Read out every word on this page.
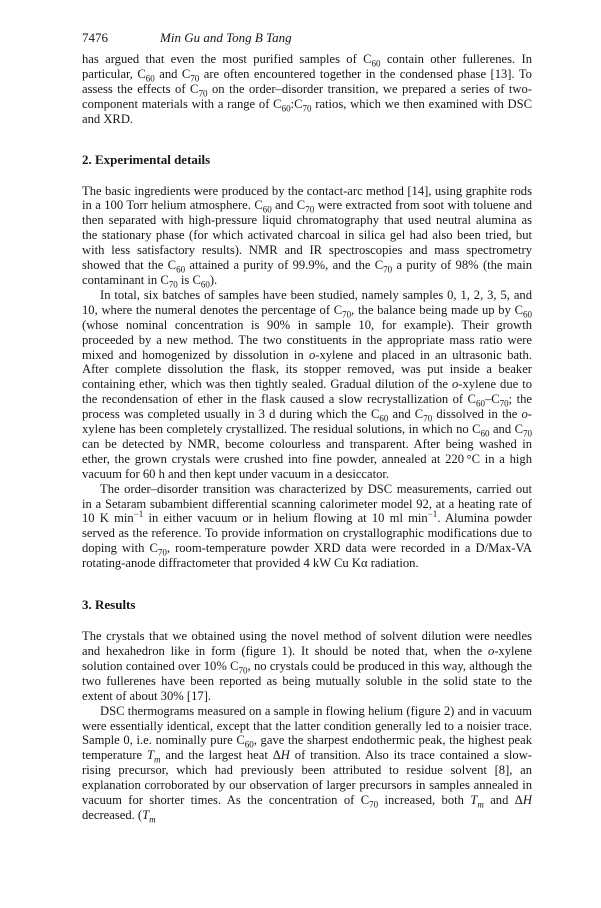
7476	Min Gu and Tong B Tang

has argued that even the most purified samples of $C_{60}$ contain other fullerenes. In particular, $C_{60}$ and $C_{70}$ are often encountered together in the condensed phase [13]. To assess the effects of $C_{70}$ on the order–disorder transition, we prepared a series of two-component materials with a range of $C_{60}:C_{70}$ ratios, which we then examined with DSC and XRD.

2. Experimental details

The basic ingredients were produced by the contact-arc method [14], using graphite rods in a 100 Torr helium atmosphere. $C_{60}$ and $C_{70}$ were extracted from soot with toluene and then separated with high-pressure liquid chromatography that used neutral alumina as the stationary phase (for which activated charcoal in silica gel had also been tried, but with less satisfactory results). NMR and IR spectroscopies and mass spectrometry showed that the $C_{60}$ attained a purity of 99.9%, and the $C_{70}$ a purity of 98% (the main contaminant in $C_{70}$ is $C_{60}$).

In total, six batches of samples have been studied, namely samples 0, 1, 2, 3, 5, and 10, where the numeral denotes the percentage of $C_{70}$, the balance being made up by $C_{60}$ (whose nominal concentration is 90% in sample 10, for example). Their growth proceeded by a new method. The two constituents in the appropriate mass ratio were mixed and homogenized by dissolution in o-xylene and placed in an ultrasonic bath. After complete dissolution the flask, its stopper removed, was put inside a beaker containing ether, which was then tightly sealed. Gradual dilution of the o-xylene due to the recondensation of ether in the flask caused a slow recrystallization of $C_{60}-C_{70}$; the process was completed usually in 3 d during which the $C_{60}$ and $C_{70}$ dissolved in the o-xylene has been completely crystallized. The residual solutions, in which no $C_{60}$ and $C_{70}$ can be detected by NMR, become colourless and transparent. After being washed in ether, the grown crystals were crushed into fine powder, annealed at 220 °C in a high vacuum for 60 h and then kept under vacuum in a desiccator.

The order–disorder transition was characterized by DSC measurements, carried out in a Setaram subambient differential scanning calorimeter model 92, at a heating rate of 10 K $\min^{-1}$ in either vacuum or in helium flowing at 10 ml $\min^{-1}$. Alumina powder served as the reference. To provide information on crystallographic modifications due to doping with $C_{70}$, room-temperature powder XRD data were recorded in a D/Max-VA rotating-anode diffractometer that provided 4 kW Cu Kα radiation.

3. Results

The crystals that we obtained using the novel method of solvent dilution were needles and hexahedron like in form (figure 1). It should be noted that, when the o-xylene solution contained over 10% $C_{70}$, no crystals could be produced in this way, although the two fullerenes have been reported as being mutually soluble in the solid state to the extent of about 30% [17].

DSC thermograms measured on a sample in flowing helium (figure 2) and in vacuum were essentially identical, except that the latter condition generally led to a noisier trace. Sample 0, i.e. nominally pure $C_{60}$, gave the sharpest endothermic peak, the highest peak temperature $T_m$ and the largest heat ΔH of transition. Also its trace contained a slow-rising precursor, which had previously been attributed to residue solvent [8], an explanation corroborated by our observation of larger precursors in samples annealed in vacuum for shorter times. As the concentration of $C_{70}$ increased, both $T_m$ and ΔH decreased. ($T_m$
